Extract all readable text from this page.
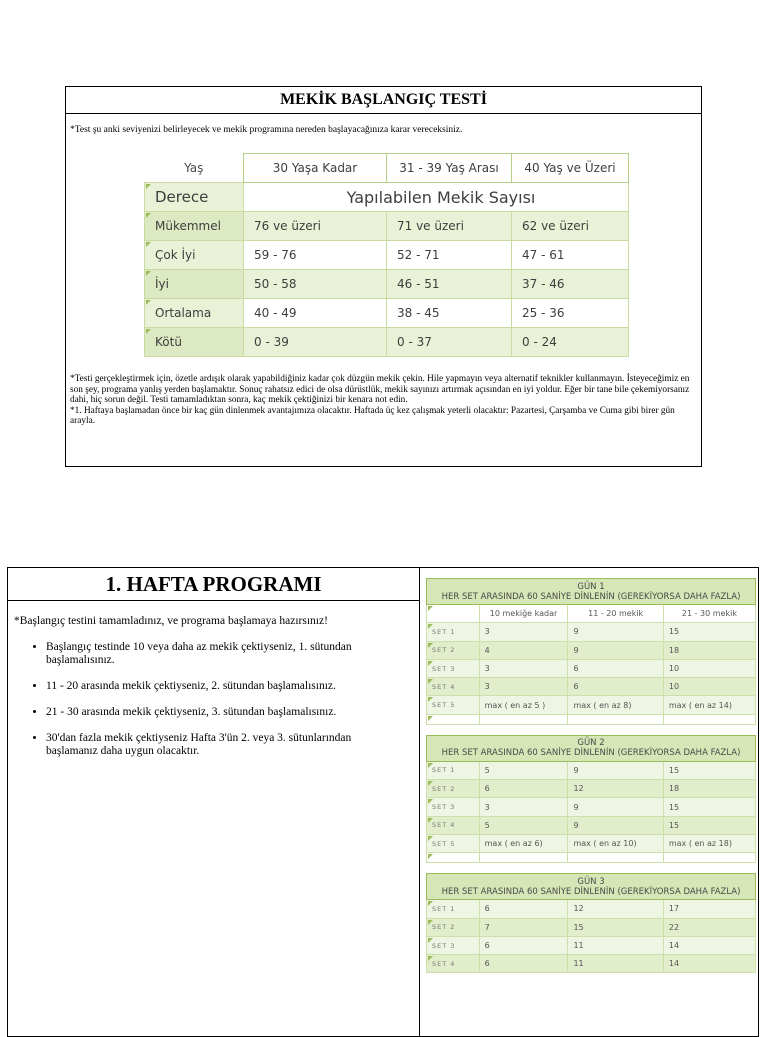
MEKİK BAŞLANGIÇ TESTİ
*Test şu anki seviyenizi belirleyecek ve mekik programına nereden başlayacağınıza karar vereceksiniz.
Yaş	30 Yaşa Kadar	31 - 39 Yaş Arası	40 Yaş ve Üzeri
Derece	Yapılabilen Mekik Sayısı		
Mükemmel	76 ve üzeri	71 ve üzeri	62 ve üzeri
Çok İyi	59 - 76	52 - 71	47 - 61
İyi	50 - 58	46 - 51	37 - 46
Ortalama	40 - 49	38 - 45	25 - 36
Kötü	0 - 39	0 - 37	0 - 24

*Testi gerçekleştirmek için, özetle ardışık olarak yapabildiğiniz kadar çok düzgün mekik çekin. Hile yapmayın veya alternatif teknikler kullanmayın. İsteyeceğimiz en son şey, programa yanlış yerden başlamaktır. Sonuç rahatsız edici de olsa dürüstlük, mekik sayınızı artırmak açısından en iyi yoldur. Eğer bir tane bile çekemiyorsanız dahi, hiç sorun değil. Testi tamamladıktan sonra, kaç mekik çektiğinizi bir kenara not edin.

*1. Haftaya başlamadan önce bir kaç gün dinlenmek avantajımıza olacaktır. Haftada üç kez çalışmak yeterli olacaktır: Pazartesi, Çarşamba ve Cuma gibi birer gün arayla.

1. HAFTA PROGRAMI
*Başlangıç testini tamamladınız, ve programa başlamaya hazırsınız!
• Başlangıç testinde 10 veya daha az mekik çektiyseniz, 1. sütundan başlamalısınız.
• 11 - 20 arasında mekik çektiyseniz, 2. sütundan başlamalısınız.
• 21 - 30 arasında mekik çektiyseniz, 3. sütundan başlamalısınız.
• 30'dan fazla mekik çektiyseniz Hafta 3'ün 2. veya 3. sütunlarından başlamanız daha uygun olacaktır.
GÜN 1
HER SET ARASINDA 60 SANİYE DİNLENİN (GEREKİYORSA DAHA FAZLA)			
	10 mekiğe kadar	11 - 20 mekik	21 - 30 mekik
SET 1	3	9	15
SET 2	4	9	18
SET 3	3	6	10
SET 4	3	6	10
SET 5	max ( en az 5 )	max ( en az 8)	max ( en az 14)

GÜN 2
HER SET ARASINDA 60 SANİYE DİNLENİN (GEREKİYORSA DAHA FAZLA)			
SET 1	5	9	15
SET 2	6	12	18
SET 3	3	9	15
SET 4	5	9	15
SET 5	max ( en az 6)	max ( en az 10)	max ( en az 18)

GÜN 3
HER SET ARASINDA 60 SANİYE DİNLENİN (GEREKİYORSA DAHA FAZLA)			
SET 1	6	12	17
SET 2	7	15	22
SET 3	6	11	14
SET 4	6	11	14
